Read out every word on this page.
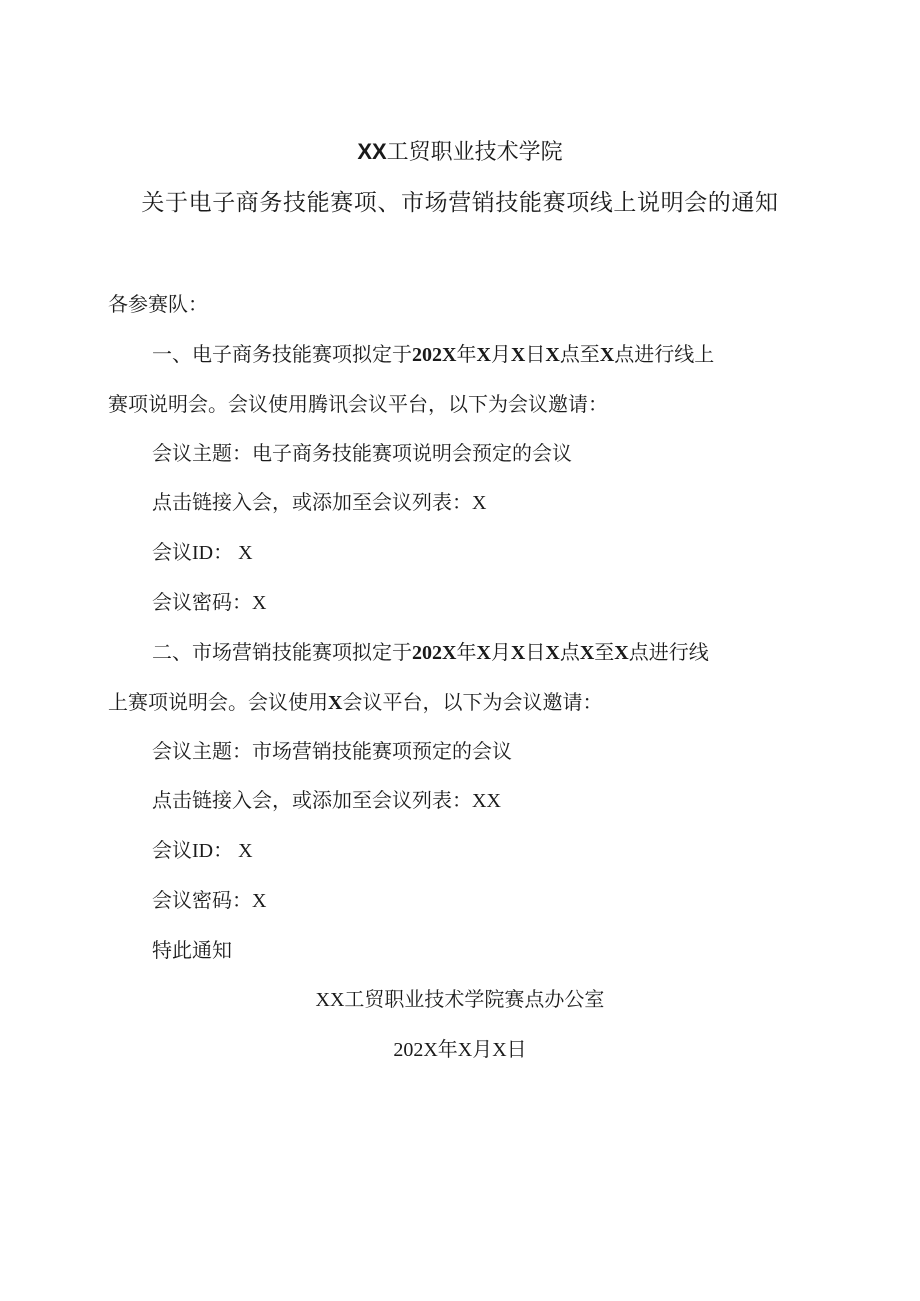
XX工贸职业技术学院
关于电子商务技能赛项、市场营销技能赛项线上说明会的通知
各参赛队：
一、电子商务技能赛项拟定于202X年X月X日X点至X点进行线上
赛项说明会。会议使用腾讯会议平台，以下为会议邀请：
会议主题：电子商务技能赛项说明会预定的会议
点击链接入会，或添加至会议列表：X
会议ID： X
会议密码：X
二、市场营销技能赛项拟定于202X年X月X日X点X至X点进行线
上赛项说明会。会议使用X会议平台，以下为会议邀请：
会议主题：市场营销技能赛项预定的会议
点击链接入会，或添加至会议列表：XX
会议ID： X
会议密码：X
特此通知
XX工贸职业技术学院赛点办公室
202X年X月X日
